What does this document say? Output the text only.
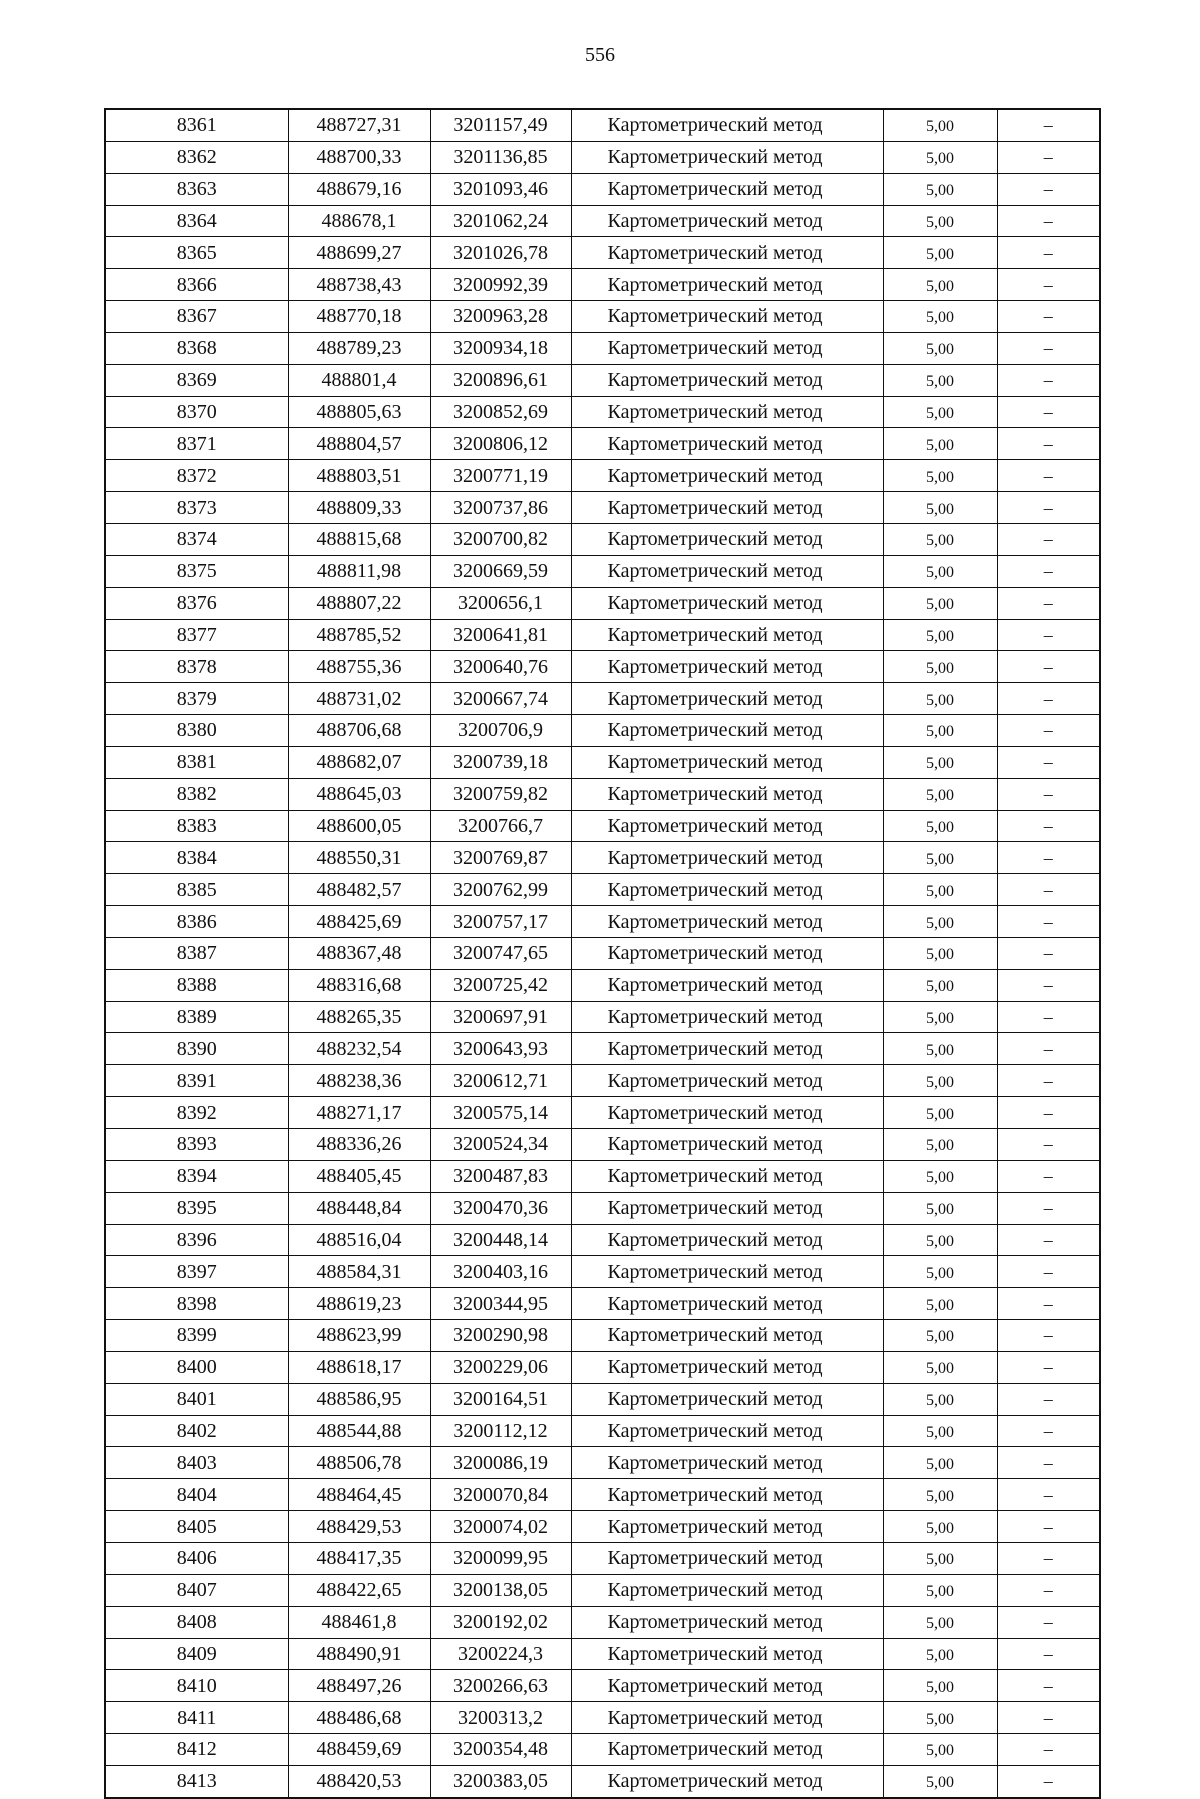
556
8361	488727,31	3201157,49	Картометрический метод	5,00	–
8362	488700,33	3201136,85	Картометрический метод	5,00	–
8363	488679,16	3201093,46	Картометрический метод	5,00	–
8364	488678,1	3201062,24	Картометрический метод	5,00	–
8365	488699,27	3201026,78	Картометрический метод	5,00	–
8366	488738,43	3200992,39	Картометрический метод	5,00	–
8367	488770,18	3200963,28	Картометрический метод	5,00	–
8368	488789,23	3200934,18	Картометрический метод	5,00	–
8369	488801,4	3200896,61	Картометрический метод	5,00	–
8370	488805,63	3200852,69	Картометрический метод	5,00	–
8371	488804,57	3200806,12	Картометрический метод	5,00	–
8372	488803,51	3200771,19	Картометрический метод	5,00	–
8373	488809,33	3200737,86	Картометрический метод	5,00	–
8374	488815,68	3200700,82	Картометрический метод	5,00	–
8375	488811,98	3200669,59	Картометрический метод	5,00	–
8376	488807,22	3200656,1	Картометрический метод	5,00	–
8377	488785,52	3200641,81	Картометрический метод	5,00	–
8378	488755,36	3200640,76	Картометрический метод	5,00	–
8379	488731,02	3200667,74	Картометрический метод	5,00	–
8380	488706,68	3200706,9	Картометрический метод	5,00	–
8381	488682,07	3200739,18	Картометрический метод	5,00	–
8382	488645,03	3200759,82	Картометрический метод	5,00	–
8383	488600,05	3200766,7	Картометрический метод	5,00	–
8384	488550,31	3200769,87	Картометрический метод	5,00	–
8385	488482,57	3200762,99	Картометрический метод	5,00	–
8386	488425,69	3200757,17	Картометрический метод	5,00	–
8387	488367,48	3200747,65	Картометрический метод	5,00	–
8388	488316,68	3200725,42	Картометрический метод	5,00	–
8389	488265,35	3200697,91	Картометрический метод	5,00	–
8390	488232,54	3200643,93	Картометрический метод	5,00	–
8391	488238,36	3200612,71	Картометрический метод	5,00	–
8392	488271,17	3200575,14	Картометрический метод	5,00	–
8393	488336,26	3200524,34	Картометрический метод	5,00	–
8394	488405,45	3200487,83	Картометрический метод	5,00	–
8395	488448,84	3200470,36	Картометрический метод	5,00	–
8396	488516,04	3200448,14	Картометрический метод	5,00	–
8397	488584,31	3200403,16	Картометрический метод	5,00	–
8398	488619,23	3200344,95	Картометрический метод	5,00	–
8399	488623,99	3200290,98	Картометрический метод	5,00	–
8400	488618,17	3200229,06	Картометрический метод	5,00	–
8401	488586,95	3200164,51	Картометрический метод	5,00	–
8402	488544,88	3200112,12	Картометрический метод	5,00	–
8403	488506,78	3200086,19	Картометрический метод	5,00	–
8404	488464,45	3200070,84	Картометрический метод	5,00	–
8405	488429,53	3200074,02	Картометрический метод	5,00	–
8406	488417,35	3200099,95	Картометрический метод	5,00	–
8407	488422,65	3200138,05	Картометрический метод	5,00	–
8408	488461,8	3200192,02	Картометрический метод	5,00	–
8409	488490,91	3200224,3	Картометрический метод	5,00	–
8410	488497,26	3200266,63	Картометрический метод	5,00	–
8411	488486,68	3200313,2	Картометрический метод	5,00	–
8412	488459,69	3200354,48	Картометрический метод	5,00	–
8413	488420,53	3200383,05	Картометрический метод	5,00	–
